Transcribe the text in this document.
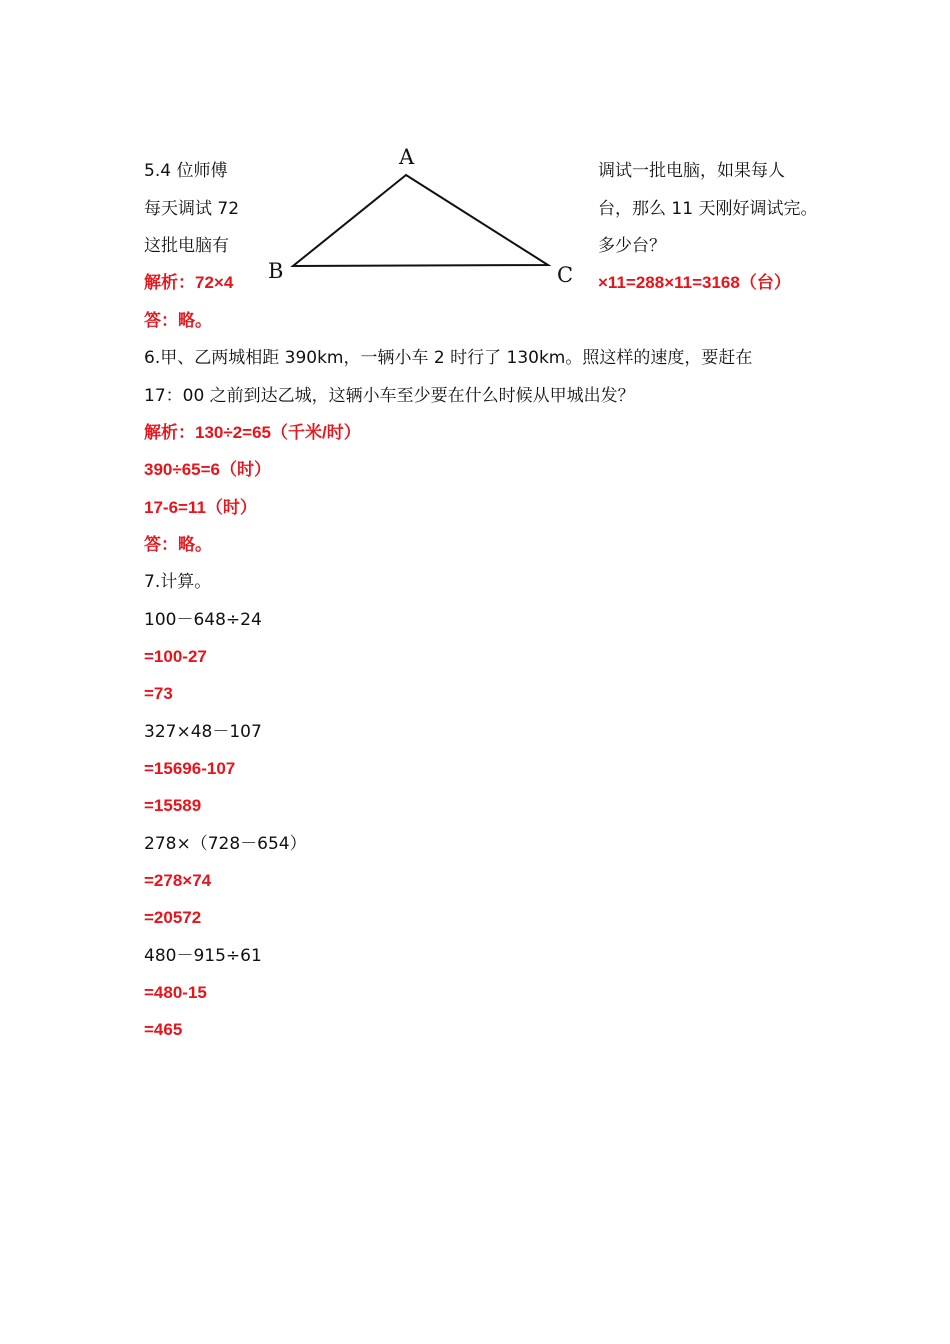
5.4 位师傅
每天调试 72
这批电脑有
解析：72×4
调试一批电脑，如果每人
台，那么 11 天刚好调试完。
多少台？
×11=288×11=3168（台）
答：略。
A
B	C
6.甲、乙两城相距 390km，一辆小车 2 时行了 130km。照这样的速度，要赶在
17：00 之前到达乙城，这辆小车至少要在什么时候从甲城出发？
解析：130÷2=65（千米/时）
390÷65=6（时）
17-6=11（时）
答：略。
7.计算。
100－648÷24
=100-27
=73
327×48－107
=15696-107
=15589
278×（728－654）
=278×74
=20572
480－915÷61
=480-15
=465
